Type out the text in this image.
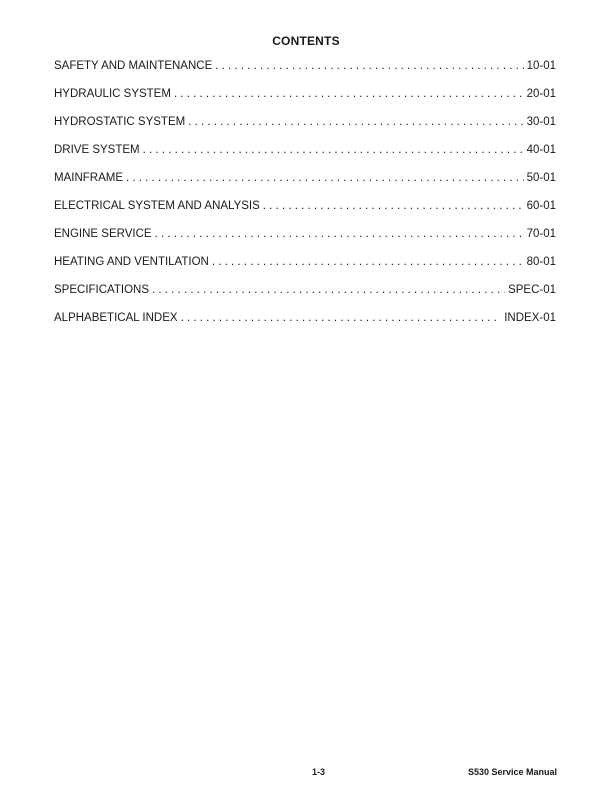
CONTENTS
SAFETY AND MAINTENANCE . . .	10-01
HYDRAULIC SYSTEM . . .	20-01
HYDROSTATIC SYSTEM . . .	30-01
DRIVE SYSTEM . . .	40-01
MAINFRAME . . .	50-01
ELECTRICAL SYSTEM AND ANALYSIS . . .	60-01
ENGINE SERVICE . . .	70-01
HEATING AND VENTILATION . . .	80-01
SPECIFICATIONS . . .	SPEC-01
ALPHABETICAL INDEX . . .	INDEX-01
1-3	S530 Service Manual
